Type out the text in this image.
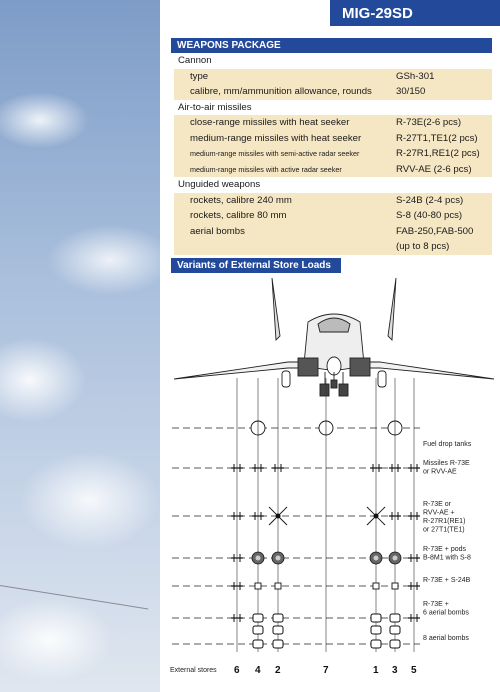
MIG-29SD
WEAPONS PACKAGE
Cannon
type	GSh-301
calibre, mm/ammunition allowance, rounds	30/150
Air-to-air missiles
close-range missiles with heat seeker	R-73E(2-6 pcs)
medium-range missiles with heat seeker	R-27T1,TE1(2 pcs)
medium-range missiles with semi-active radar seeker	R-27R1,RE1(2 pcs)
medium-range missiles with active radar seeker	RVV-AE (2-6 pcs)
Unguided weapons
rockets, calibre 240 mm	S-24B (2-4 pcs)
rockets, calibre 80 mm	S-8 (40-80 pcs)
aerial bombs	FAB-250,FAB-500
(up to 8 pcs)
Variants of External Store Loads
Fuel drop tanks
Missiles R-73E or RVV-AE
R-73E or RVV-AE + R-27R1(RE1) or 27T1(TE1)
R-73E + pods B-8M1 with S-8
R-73E + S-24B
R-73E + 6 aerial bombs
8 aerial bombs
External stores 6 4 2	7	1 3 5
